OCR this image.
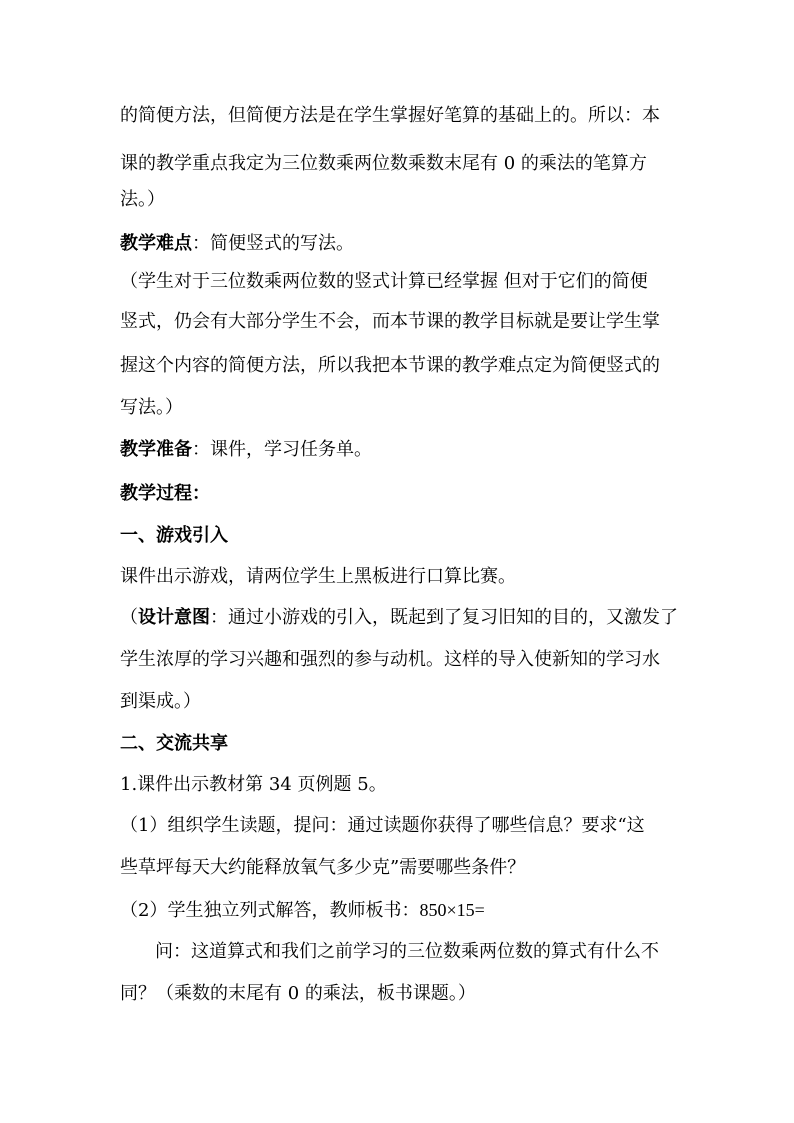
的简便方法，但简便方法是在学生掌握好笔算的基础上的。所以：本
课的教学重点我定为三位数乘两位数乘数末尾有 0 的乘法的笔算方
法。）
教学难点：简便竖式的写法。
（学生对于三位数乘两位数的竖式计算已经掌握 但对于它们的简便
竖式，仍会有大部分学生不会，而本节课的教学目标就是要让学生掌
握这个内容的简便方法，所以我把本节课的教学难点定为简便竖式的
写法。）
教学准备：课件，学习任务单。
教学过程：
一、游戏引入
课件出示游戏，请两位学生上黑板进行口算比赛。
（设计意图：通过小游戏的引入，既起到了复习旧知的目的，又激发了
学生浓厚的学习兴趣和强烈的参与动机。这样的导入使新知的学习水
到渠成。）
二、交流共享
1.课件出示教材第 34 页例题 5。
（1）组织学生读题，提问：通过读题你获得了哪些信息？要求“这
些草坪每天大约能释放氧气多少克”需要哪些条件？
（2）学生独立列式解答，教师板书：850×15=
问：这道算式和我们之前学习的三位数乘两位数的算式有什么不
同？（乘数的末尾有 0 的乘法，板书课题。）
